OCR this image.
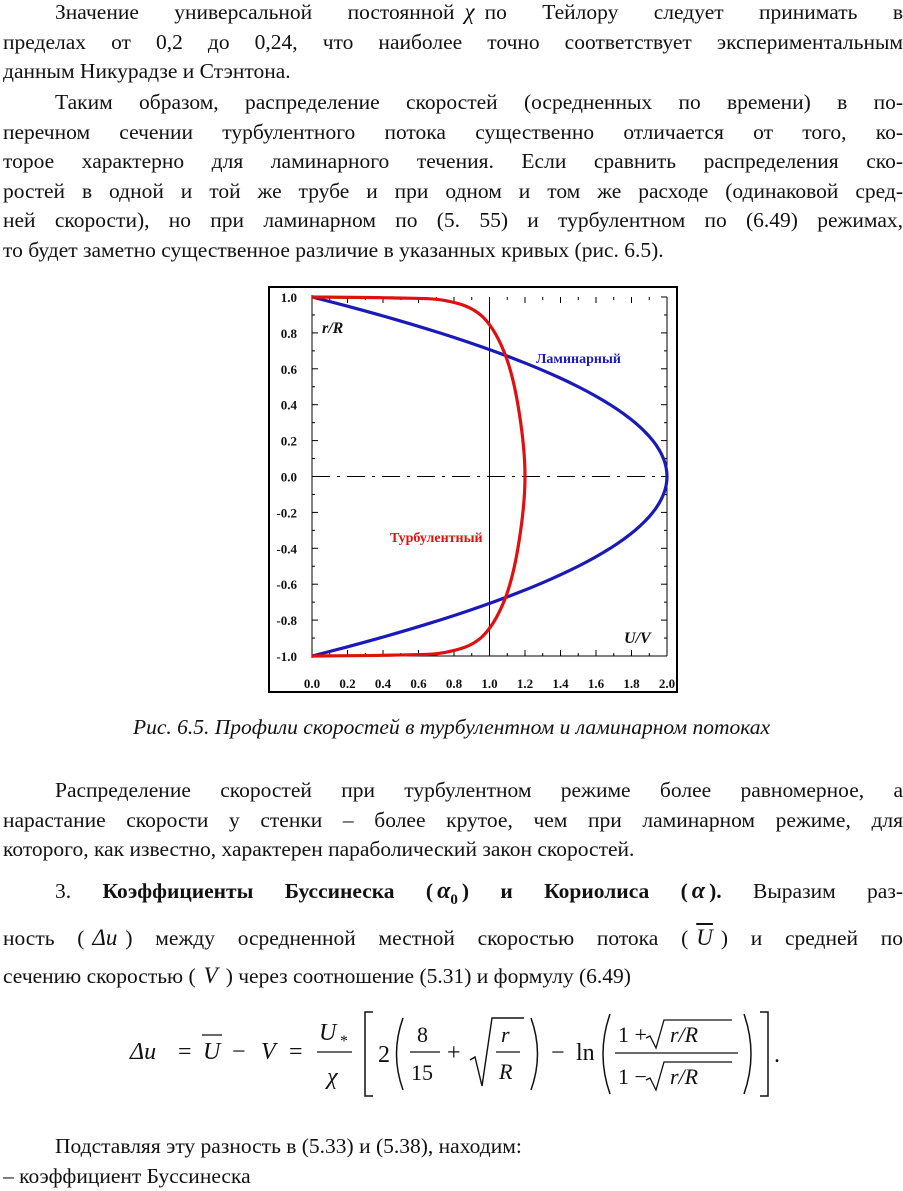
Значение универсальной постоянной χ по Тейлору следует принимать в
пределах от 0,2 до 0,24, что наиболее точно соответствует экспериментальным
данным Никурадзе и Стэнтона.
Таким образом, распределение скоростей (осредненных по времени) в по-
перечном сечении турбулентного потока существенно отличается от того, ко-
торое характерно для ламинарного течения. Если сравнить распределения ско-
ростей в одной и той же трубе и при одном и том же расходе (одинаковой сред-
ней скорости), но при ламинарном по (5. 55) и турбулентном по (6.49) режимах,
то будет заметно существенное различие в указанных кривых (рис. 6.5).
1.0
0.8
0.6
0.4
0.2
0.0
-0.2
-0.4
-0.6
-0.8
-1.0
0.0 0.2 0.4 0.6 0.8 1.0 1.2 1.4 1.6 1.8 2.0
r/R
U/V
Ламинарный
Турбулентный
Рис. 6.5. Профили скоростей в турбулентном и ламинарном потоках
Распределение скоростей при турбулентном режиме более равномерное, а
нарастание скорости у стенки – более крутое, чем при ламинарном режиме, для
которого, как известно, характерен параболический закон скоростей.
3. Коэффициенты Буссинеска ( $\alpha_0$ ) и Кориолиса ( α ). Выразим раз-
ность ( Δu ) между осредненной местной скоростью потока ( $\overline{U}$ ) и средней по
сечению скоростью ( V ) через соотношение (5.31) и формулу (6.49)
Δu = U − V =
U *
χ
2
8
15
+
r
R
− ln
1 + r/R
1 − r/R
.
Подставляя эту разность в (5.33) и (5.38), находим:
– коэффициент Буссинеска
